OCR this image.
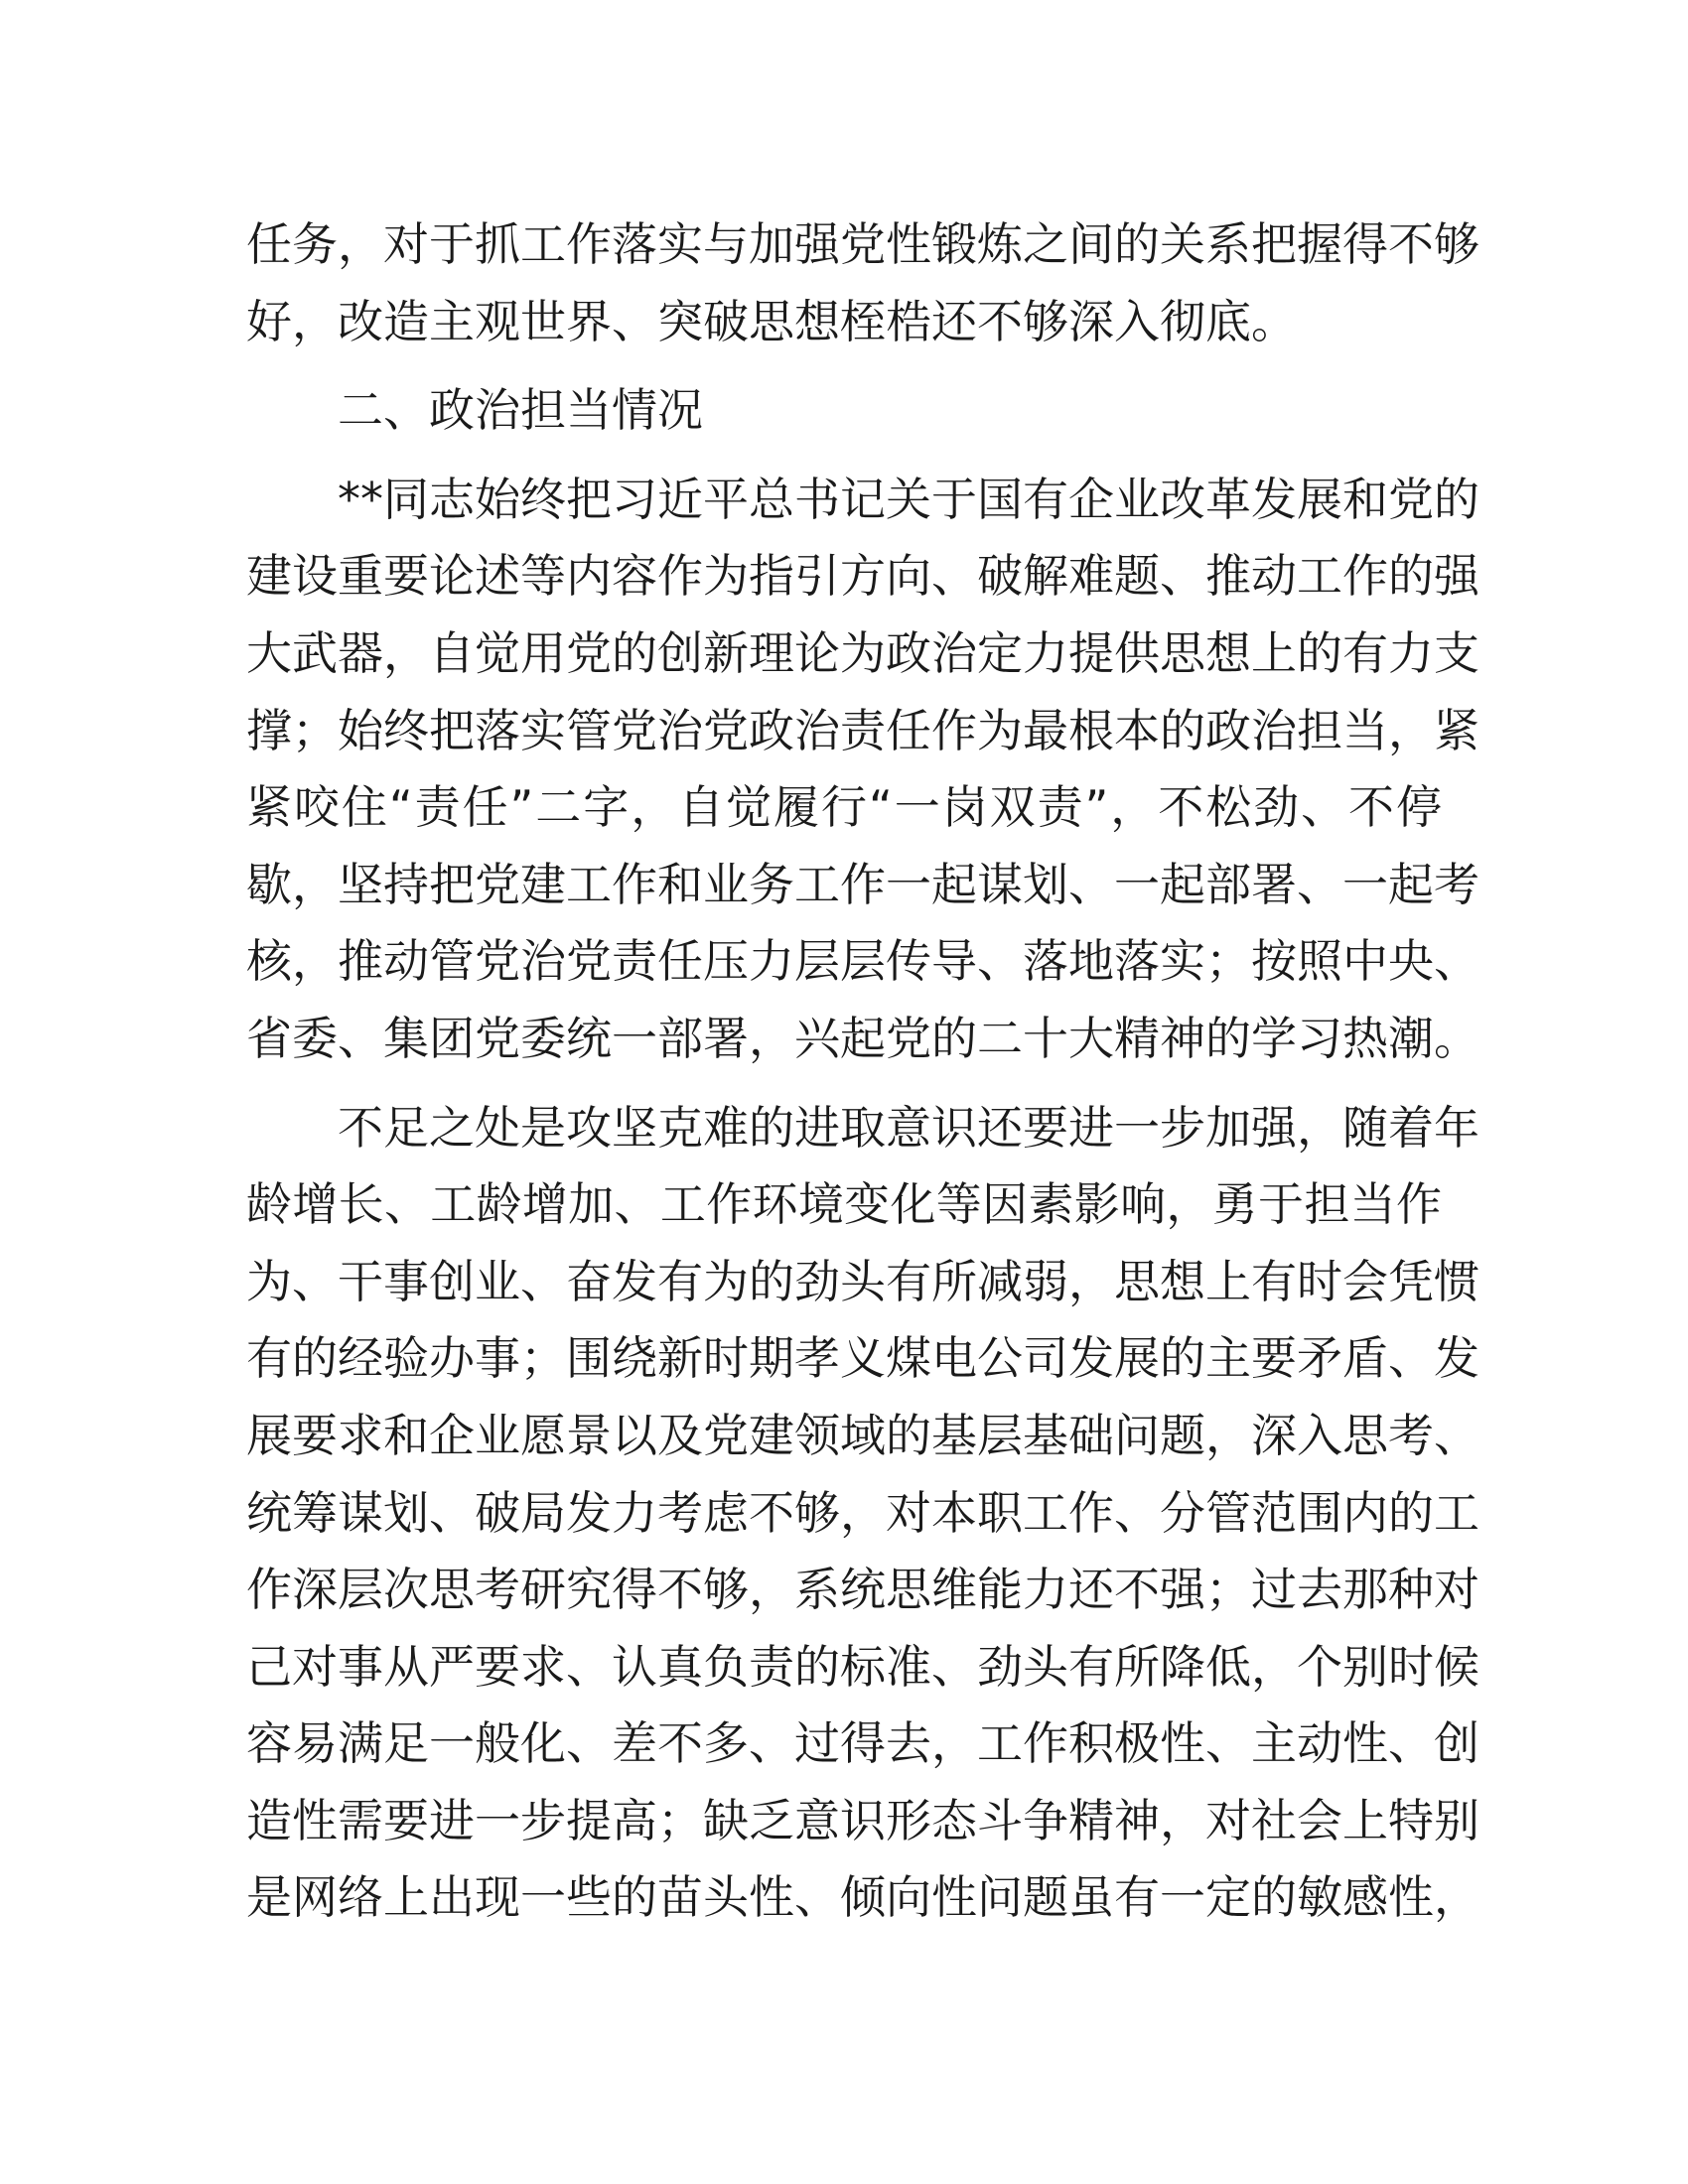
任务，对于抓工作落实与加强党性锻炼之间的关系把握得不够
好，改造主观世界、突破思想桎梏还不够深入彻底。

二、政治担当情况

**同志始终把习近平总书记关于国有企业改革发展和党的
建设重要论述等内容作为指引方向、破解难题、推动工作的强
大武器，自觉用党的创新理论为政治定力提供思想上的有力支
撑；始终把落实管党治党政治责任作为最根本的政治担当，紧
紧咬住“责任”二字，自觉履行“一岗双责”，不松劲、不停
歇，坚持把党建工作和业务工作一起谋划、一起部署、一起考
核，推动管党治党责任压力层层传导、落地落实；按照中央、
省委、集团党委统一部署，兴起党的二十大精神的学习热潮。

不足之处是攻坚克难的进取意识还要进一步加强，随着年
龄增长、工龄增加、工作环境变化等因素影响，勇于担当作
为、干事创业、奋发有为的劲头有所减弱，思想上有时会凭惯
有的经验办事；围绕新时期孝义煤电公司发展的主要矛盾、发
展要求和企业愿景以及党建领域的基层基础问题，深入思考、
统筹谋划、破局发力考虑不够，对本职工作、分管范围内的工
作深层次思考研究得不够，系统思维能力还不强；过去那种对
己对事从严要求、认真负责的标准、劲头有所降低，个别时候
容易满足一般化、差不多、过得去，工作积极性、主动性、创
造性需要进一步提高；缺乏意识形态斗争精神，对社会上特别
是网络上出现一些的苗头性、倾向性问题虽有一定的敏感性，
